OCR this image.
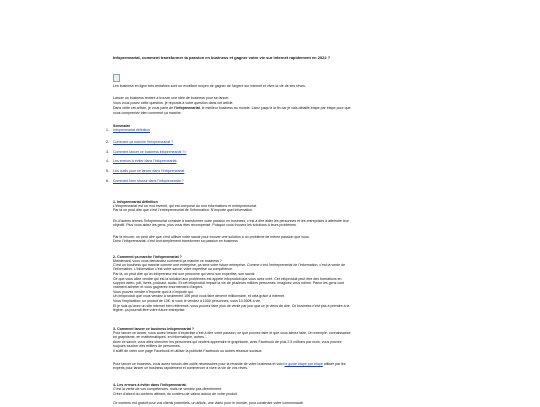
Infopreneariat, comment transformer ta passion en business et gagner votre vie sur internet rapidement en 2022 ?
Les business en ligne très rentables sont un excellent moyen de gagner de l’argent sur internet et vivre la vie de ses rêves.
Lancer un business revient à trouver une idée de business pour se lancer.
Vous vous posez cette question, je réponds à votre question dans cet article.
Dans cette cet article, je vous parle de l’infopreneariat, le meilleur business au monde. Lisez jusqu’à la fin car je vais détaillé étape par étape pour que
vous compreniez bien comment ça marche.
Sommaire
1. Infopreneariat définition
2. Comment ça marche l’infopreneariat ?
3. Comment lancer ce business infopreneariat ?>
4. Les erreurs à éviter dans l’infopreneariat
5. Les outils pour se lancer dans l’infopreneariat
6. Comment bien réussir dans l’infopreneariat ?
1- Infopreneariat définition
L’infopreneariat est un mot inventé, qui est composé du mot informations et entrepreneuriat.
Par là on peut dire que c’est l’entrepreneuriat de l’information. N’importe quel information.
En d’autres termes l’infopreneuriat consiste à transformer votre passion en business, c’est à dire aider les personnes et les entreprises à atteindre leur
objectif. Plus vous aidez les gens, plus vous êtes récompensé. Puisque vous trouvez les solutions à leurs problèmes.
Par la encore, on peut dire que c’est utiliser votre savoir pour trouver une solution à un problème de même passion que vous.
Donc l’infopreneariat, c’est tout simplement transformer sa passion en business
2- Comment ça marche l’infopreneariat ?
Maintenant, vous vous demandez comment ça marche ce business ?
C’est un business qui marche comme une entreprise, ça sera votre future entreprise. Comme c’est l’entrepreneriat de l’information, c’est la vente de
l’information. L’information c’est votre savoir, votre expertise ou compétence.
Par là, on peut dire qu’un infopreneur est une personne qui vend son expertise, son savoir.
Ce que vous allez vendre qui est la solution aux problèmes est appelé infoproduit que vous avez créé. Cet infoproduit peut être des formations en
support vidéo, pdf, livres, podcast, audio. Et cet infoproduit impact la vie de plusieurs milliers personnes, imaginez vous même. Parce les gens vont
vraiment acheter et vous gagnerez énormément d’argent.
Vous pouvez vendre n’importe quoi à n’importe qui.
Un infoproduit que vous vendez à seulement 10€ peut vous faire devenir millionnaire, et cela grâce à internet.
Vous l’explication: un produit de 10€, si vous le vendez à 1000 personnes, vous 10.000€ à vie.
Et je suis qu’avec un site internet bien référencé, vous pouvez faire plus de vente par jour que ce je viens de dire. Ce business n’est pas à prendre à la
légère, ça pourrait être votre future entreprise.
3- Comment lancer ce business infopreneariat ?
Pour lancer ce lancer, vous aurez besoin d’expertise c’est à dire votre passion, ce que pouvez faire et que vous aimez faire. Un exemple: connaissance
en graphisme, en mathématiques, en informatique, autres…
Avec ce savoir, vous allez chercher les personnes qui veulent apprendre le graphisme, avec Facebook de plus 2.5 millions par mois, vous pouvez
toujours toucher des milliers de personnes.
Il suffit de créer une page Facebook et utiliser la publicité Facebook ou autres réseaux sociaux.
Pour lancer ce business, vous aurez besoin des outils nécessaires pour la réussite de votre business et voici le guide étape par étape utiliser par les
experts pour lancer ce business rapidement et commencer à vivre la vie de vos rêves.
4- Les erreurs à éviter dans l’infopreneariat.
C’est la vente de vos compétences, mais ne vendez pas directement.
Créer d’abord du contenu attirant, du contenu de valeur autour de votre produit.
Ce contenu est gratuit pour vos clients potentiels, un article, une vidéo pour le monde, pour construire votre communauté.
